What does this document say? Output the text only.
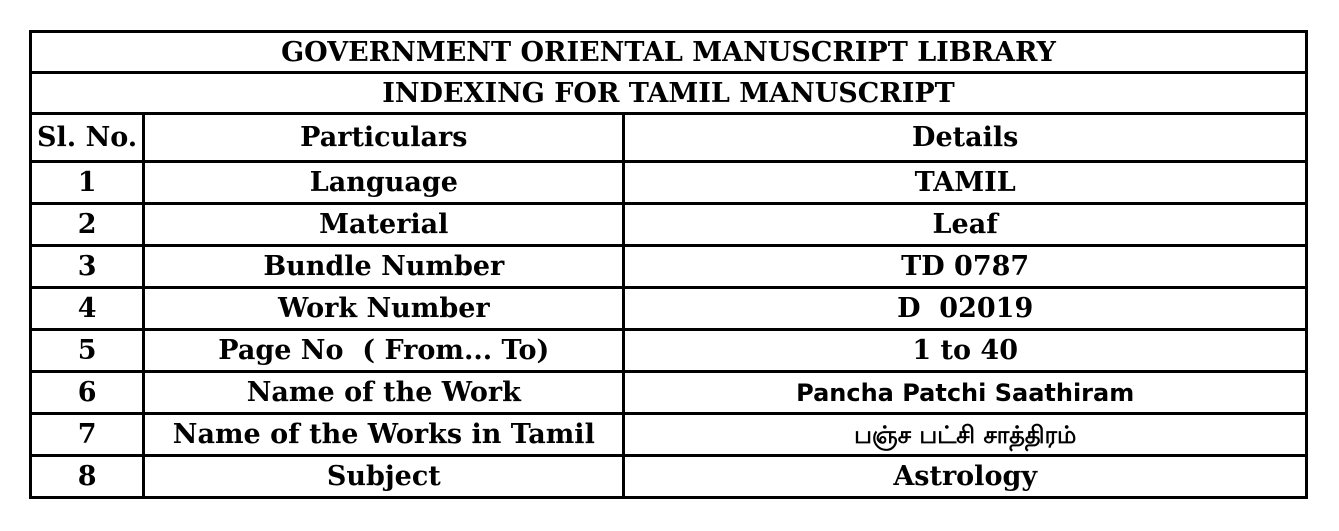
GOVERNMENT ORIENTAL MANUSCRIPT LIBRARY		
INDEXING FOR TAMIL MANUSCRIPT		
Sl. No.	Particulars	Details
1	Language	TAMIL
2	Material	Leaf
3	Bundle Number	TD 0787
4	Work Number	D  02019
5	Page No  ( From... To)	1 to 40
6	Name of the Work	Pancha Patchi Saathiram
7	Name of the Works in Tamil	பஞ்ச பட்சி சாத்திரம்
8	Subject	Astrology
